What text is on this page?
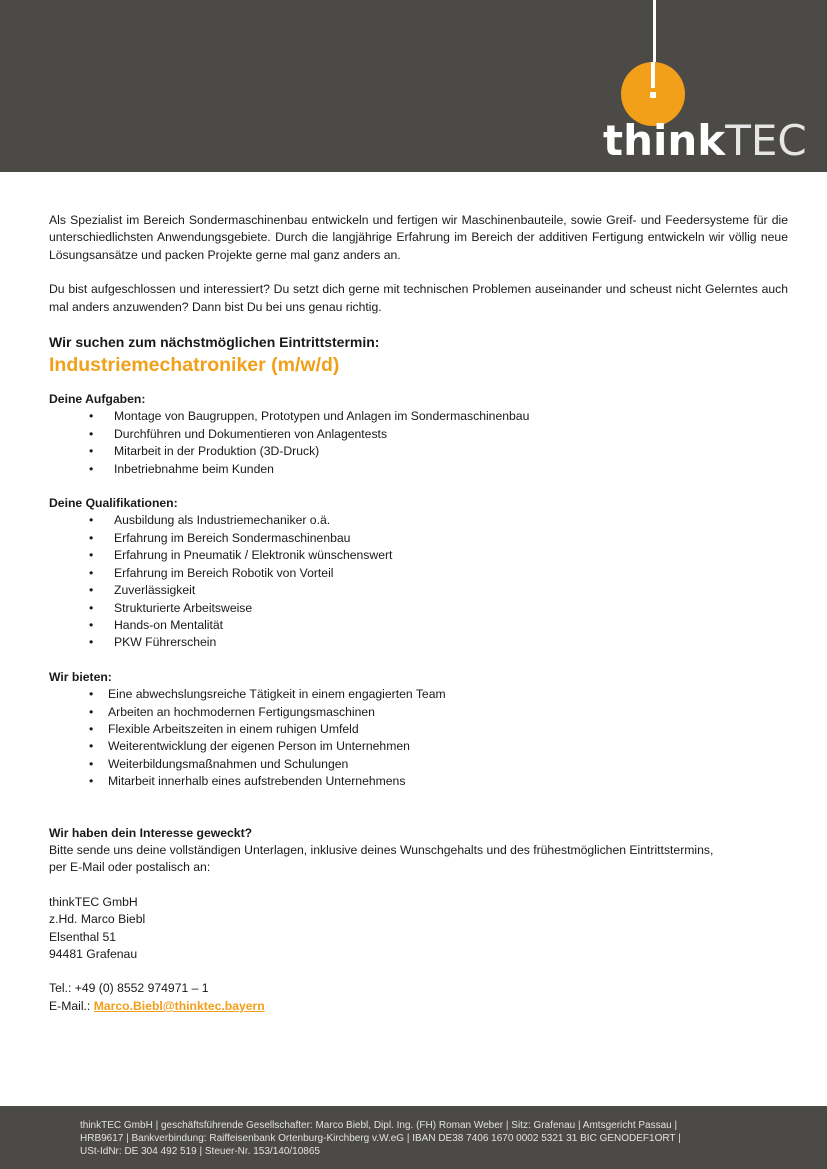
thinkTEC

Als Spezialist im Bereich Sondermaschinenbau entwickeln und fertigen wir Maschinenbauteile, sowie Greif- und Feedersysteme für die unterschiedlichsten Anwendungsgebiete. Durch die langjährige Erfahrung im Bereich der additiven Fertigung entwickeln wir völlig neue Lösungsansätze und packen Projekte gerne mal ganz anders an.

Du bist aufgeschlossen und interessiert? Du setzt dich gerne mit technischen Problemen auseinander und scheust nicht Gelerntes auch mal anders anzuwenden? Dann bist Du bei uns genau richtig.

Wir suchen zum nächstmöglichen Eintrittstermin:

Industriemechatroniker (m/w/d)

Deine Aufgaben:

• Montage von Baugruppen, Prototypen und Anlagen im Sondermaschinenbau
• Durchführen und Dokumentieren von Anlagentests
• Mitarbeit in der Produktion (3D-Druck)
• Inbetriebnahme beim Kunden

Deine Qualifikationen:

• Ausbildung als Industriemechaniker o.ä.
• Erfahrung im Bereich Sondermaschinenbau
• Erfahrung in Pneumatik / Elektronik wünschenswert
• Erfahrung im Bereich Robotik von Vorteil
• Zuverlässigkeit
• Strukturierte Arbeitsweise
• Hands-on Mentalität
• PKW Führerschein

Wir bieten:

• Eine abwechslungsreiche Tätigkeit in einem engagierten Team
• Arbeiten an hochmodernen Fertigungsmaschinen
• Flexible Arbeitszeiten in einem ruhigen Umfeld
• Weiterentwicklung der eigenen Person im Unternehmen
• Weiterbildungsmaßnahmen und Schulungen
• Mitarbeit innerhalb eines aufstrebenden Unternehmens

Wir haben dein Interesse geweckt?

Bitte sende uns deine vollständigen Unterlagen, inklusive deines Wunschgehalts und des frühestmöglichen Eintrittstermins,

per E-Mail oder postalisch an:

thinkTEC GmbH

z.Hd. Marco Biebl

Elsenthal 51

94481 Grafenau

Tel.: +49 (0) 8552 974971 – 1

E-Mail.: Marco.Biebl@thinktec.bayern

thinkTEC GmbH | geschäftsführende Gesellschafter: Marco Biebl, Dipl. Ing. (FH) Roman Weber | Sitz: Grafenau | Amtsgericht Passau |
HRB9617 | Bankverbindung: Raiffeisenbank Ortenburg-Kirchberg v.W.eG | IBAN DE38 7406 1670 0002 5321 31 BIC GENODEF1ORT |
USt-IdNr: DE 304 492 519 | Steuer-Nr. 153/140/10865
